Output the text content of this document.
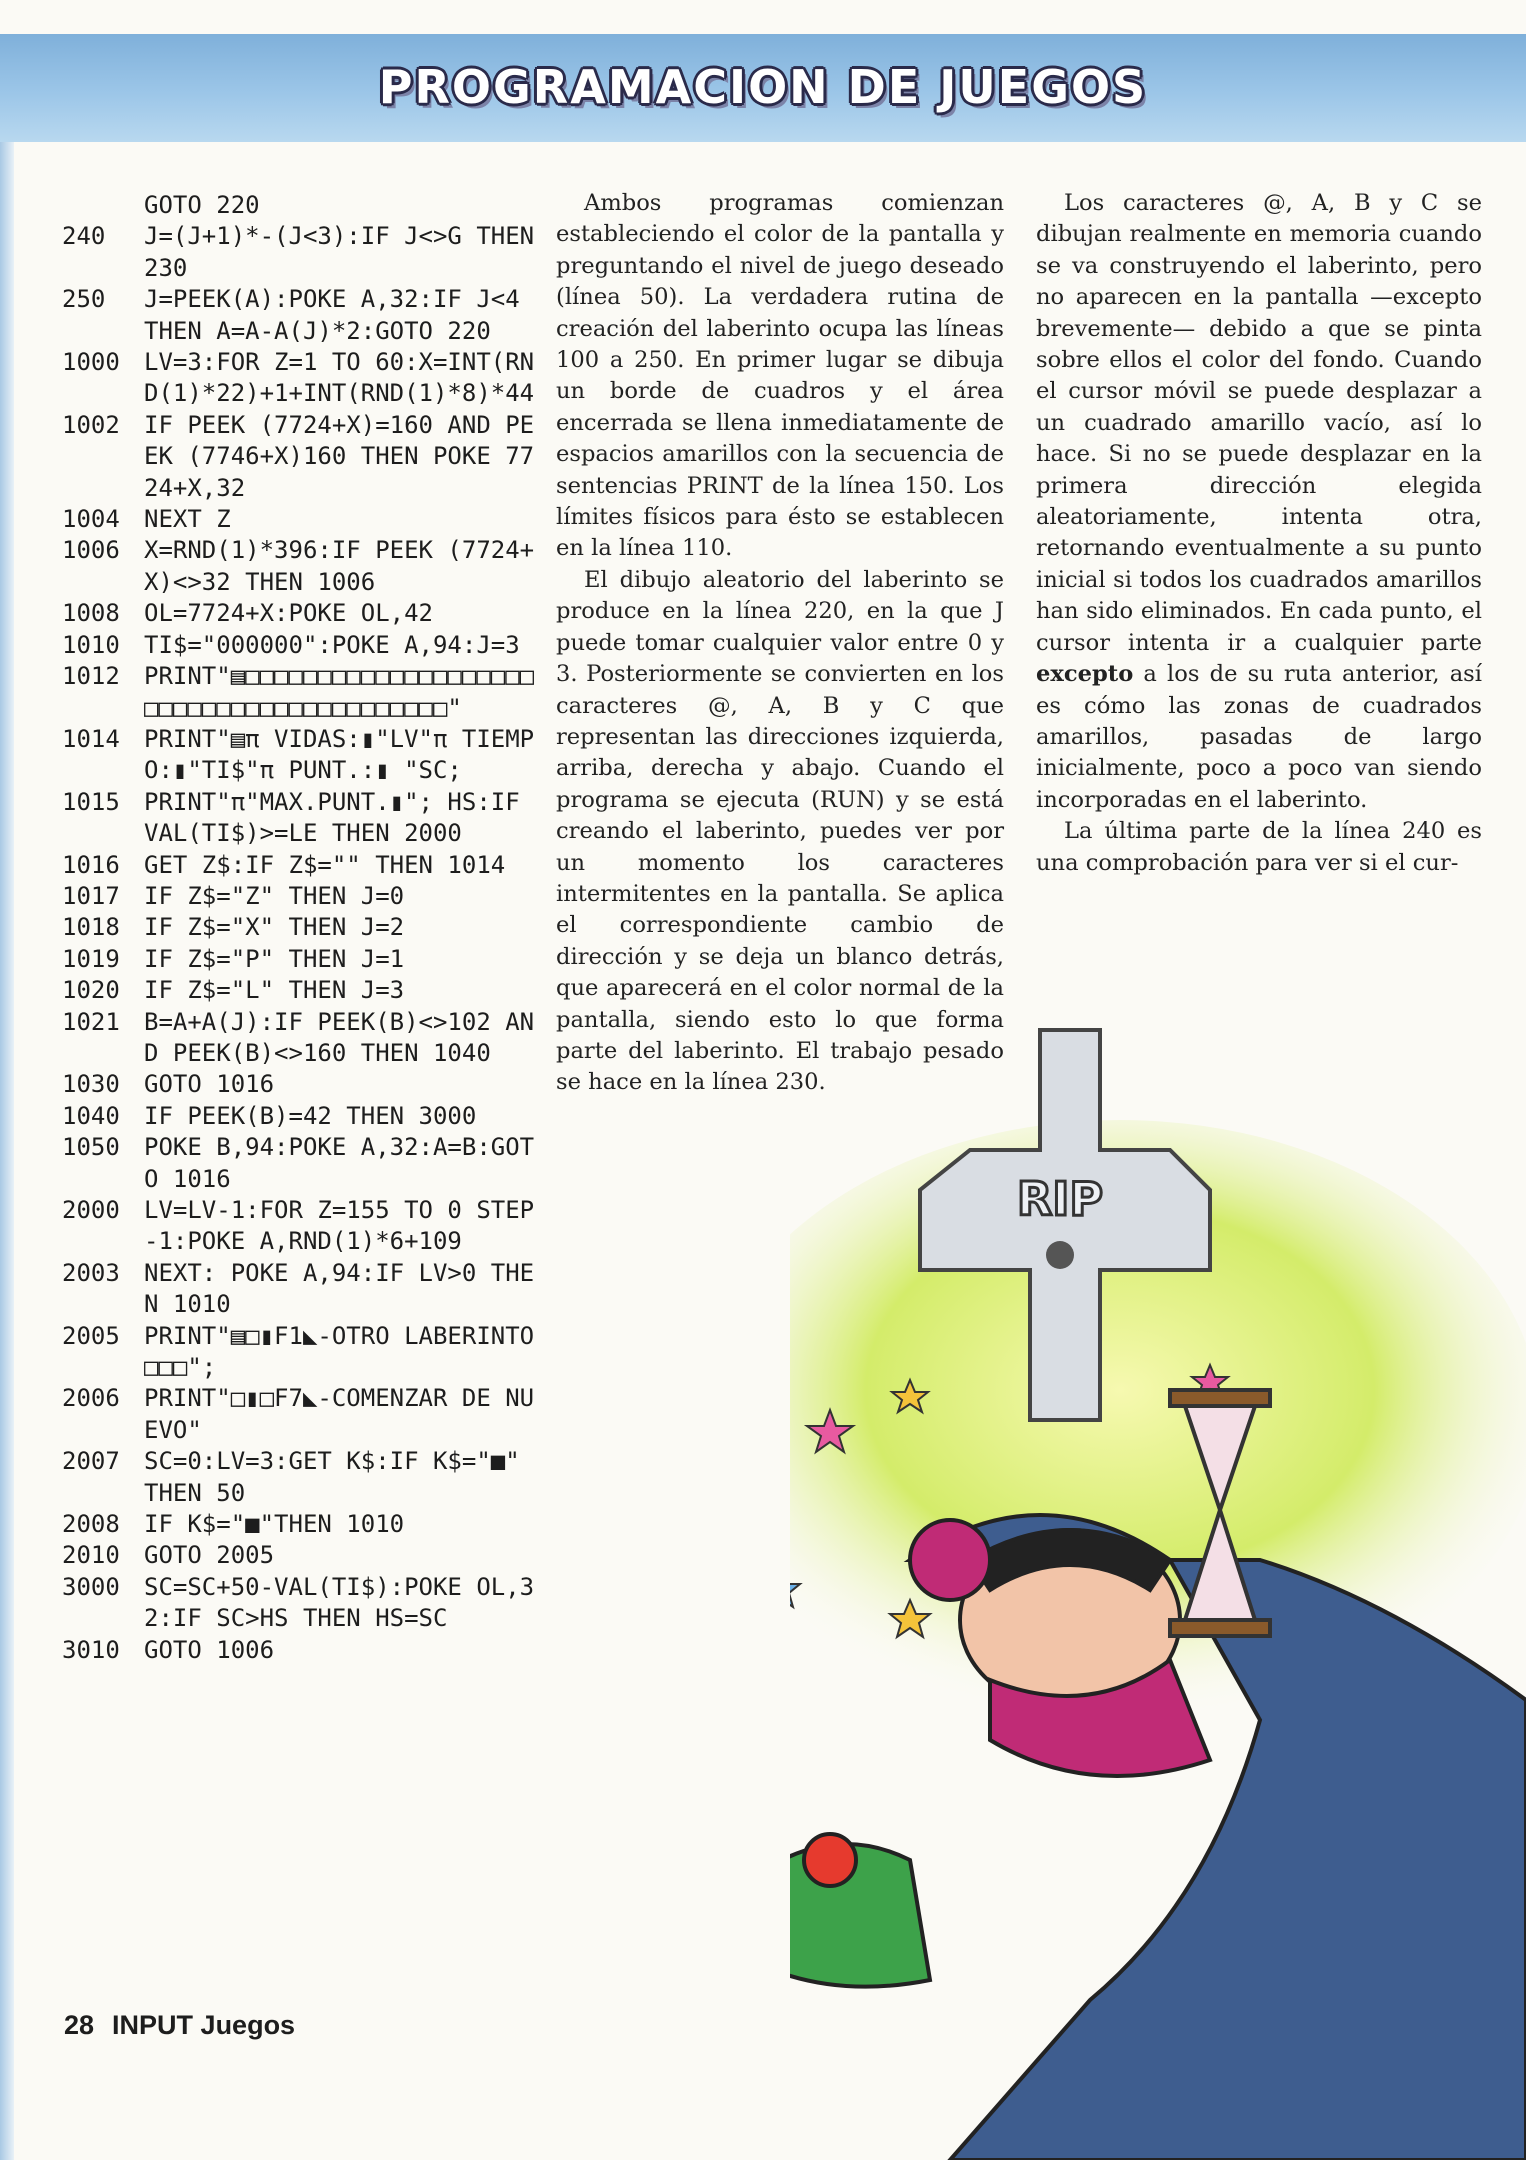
PROGRAMACION DE JUEGOS
GOTO 220
240	J=(J+1)*-(J<3):IF J<>G THEN 230
250	J=PEEK(A):POKE A,32:IF J<4 THEN A=A-A(J)*2:GOTO 220
1000	LV=3:FOR Z=1 TO 60:X=INT(RND(1)*22)+1+INT(RND(1)*8)*44
1002	IF PEEK (7724+X)=160 AND PEEK (7746+X)160 THEN POKE 7724+X,32
1004	NEXT Z
1006	X=RND(1)*396:IF PEEK (7724+X)<>32 THEN 1006
1008	OL=7724+X:POKE OL,42
1010	TI$="000000":POKE A,94:J=3
1012	PRINT"▤□□□□□□□□□□□□□□□□□□□□□□□□□□□□□□□□□□□□□□□□□"
1014	PRINT"▤π VIDAS:▮"LV"π TIEMPO:▮"TI$"π PUNT.:▮ "SC;
1015	PRINT"π"MAX.PUNT.▮"; HS:IF VAL(TI$)>=LE THEN 2000
1016	GET Z$:IF Z$="" THEN 1014
1017	IF Z$="Z" THEN J=0
1018	IF Z$="X" THEN J=2
1019	IF Z$="P" THEN J=1
1020	IF Z$="L" THEN J=3
1021	B=A+A(J):IF PEEK(B)<>102 AND PEEK(B)<>160 THEN 1040
1030	GOTO 1016
1040	IF PEEK(B)=42 THEN 3000
1050	POKE B,94:POKE A,32:A=B:GOTO 1016
2000	LV=LV-1:FOR Z=155 TO 0 STEP-1:POKE A,RND(1)*6+109
2003	NEXT: POKE A,94:IF LV>0 THEN 1010
2005	PRINT"▤□▮F1◣-OTRO LABERINTO□□□";
2006	PRINT"□▮□F7◣-COMENZAR DE NUEVO"
2007	SC=0:LV=3:GET K$:IF K$="■" THEN 50
2008	IF K$="■"THEN 1010
2010	GOTO 2005
3000	SC=SC+50-VAL(TI$):POKE OL,32:IF SC>HS THEN HS=SC
3010	GOTO 1006

Ambos programas comienzan estableciendo el color de la pantalla y preguntando el nivel de juego deseado (línea 50). La verdadera rutina de creación del laberinto ocupa las líneas 100 a 250. En primer lugar se dibuja un borde de cuadros y el área encerrada se llena inmediatamente de espacios amarillos con la secuencia de sentencias PRINT de la línea 150. Los límites físicos para ésto se establecen en la línea 110.

El dibujo aleatorio del laberinto se produce en la línea 220, en la que J puede tomar cualquier valor entre 0 y 3. Posteriormente se convierten en los caracteres @, A, B y C que representan las direcciones izquierda, arriba, derecha y abajo. Cuando el programa se ejecuta (RUN) y se está creando el laberinto, puedes ver por un momento los caracteres intermitentes en la pantalla. Se aplica el correspondiente cambio de dirección y se deja un blanco detrás, que aparecerá en el color normal de la pantalla, siendo esto lo que forma parte del laberinto. El trabajo pesado se hace en la línea 230.

Los caracteres @, A, B y C se dibujan realmente en memoria cuando se va construyendo el laberinto, pero no aparecen en la pantalla —excepto brevemente— debido a que se pinta sobre ellos el color del fondo. Cuando el cursor móvil se puede desplazar a un cuadrado amarillo vacío, así lo hace. Si no se puede desplazar en la primera dirección elegida aleatoriamente, intenta otra, retornando eventualmente a su punto inicial si todos los cuadrados amarillos han sido eliminados. En cada punto, el cursor intenta ir a cualquier parte excepto a los de su ruta anterior, así es cómo las zonas de cuadrados amarillos, pasadas de largo inicialmente, poco a poco van siendo incorporadas en el laberinto.

La última parte de la línea 240 es una comprobación para ver si el cur-

RIP
28 INPUT Juegos
